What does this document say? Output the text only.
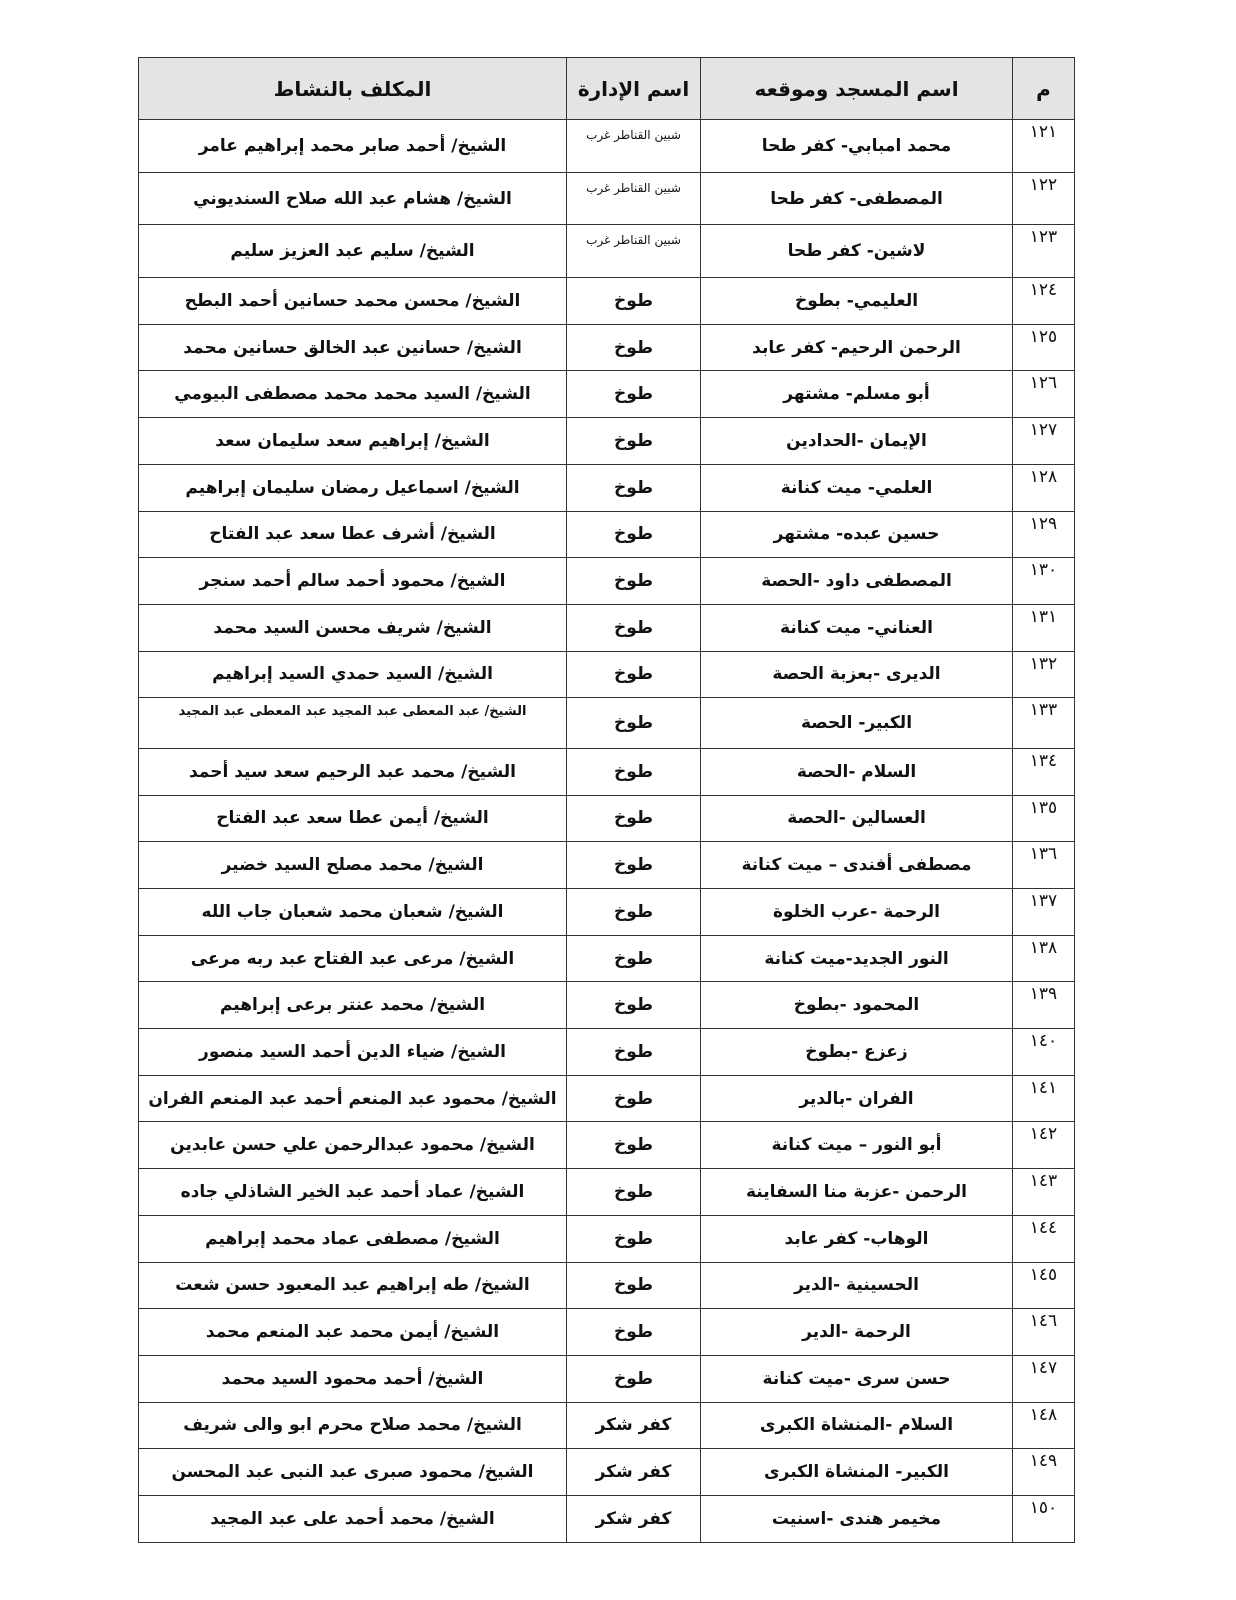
م	اسم المسجد وموقعه	اسم الإدارة	المكلف بالنشاط
١٢١	محمد امبابي- كفر طحا	شبين القناطر غرب	الشيخ/ أحمد صابر محمد إبراهيم عامر
١٢٢	المصطفى- كفر طحا	شبين القناطر غرب	الشيخ/ هشام عبد الله صلاح السنديوني
١٢٣	لاشين- كفر طحا	شبين القناطر غرب	الشيخ/ سليم عبد العزيز سليم
١٢٤	العليمي- بطوخ	طوخ	الشيخ/ محسن محمد حسانين أحمد البطح
١٢٥	الرحمن الرحيم- كفر عابد	طوخ	الشيخ/ حسانين عبد الخالق حسانين محمد
١٢٦	أبو مسلم- مشتهر	طوخ	الشيخ/ السيد محمد محمد مصطفى البيومي
١٢٧	الإيمان -الحدادين	طوخ	الشيخ/ إبراهيم سعد سليمان سعد
١٢٨	العلمي- ميت كنانة	طوخ	الشيخ/ اسماعيل رمضان سليمان إبراهيم
١٢٩	حسين عبده- مشتهر	طوخ	الشيخ/ أشرف عطا سعد عبد الفتاح
١٣٠	المصطفى داود -الحصة	طوخ	الشيخ/ محمود أحمد سالم أحمد سنجر
١٣١	العناني- ميت كنانة	طوخ	الشيخ/ شريف محسن السيد محمد
١٣٢	الديرى -بعزبة الحصة	طوخ	الشيخ/ السيد حمدي السيد إبراهيم
١٣٣	الكبير- الحصة	طوخ	الشيخ/ عبد المعطى عبد المجيد عبد المعطى عبد المجيد
١٣٤	السلام -الحصة	طوخ	الشيخ/ محمد عبد الرحيم سعد سيد أحمد
١٣٥	العسالين -الحصة	طوخ	الشيخ/ أيمن عطا سعد عبد الفتاح
١٣٦	مصطفى أفندى – ميت كنانة	طوخ	الشيخ/ محمد مصلح السيد خضير
١٣٧	الرحمة -عرب الخلوة	طوخ	الشيخ/ شعبان محمد شعبان جاب الله
١٣٨	النور الجديد-ميت كنانة	طوخ	الشيخ/ مرعى عبد الفتاح عبد ربه مرعى
١٣٩	المحمود -بطوخ	طوخ	الشيخ/ محمد عنتر برعى إبراهيم
١٤٠	زعزع -بطوخ	طوخ	الشيخ/ ضياء الدين أحمد السيد منصور
١٤١	الفران -بالدير	طوخ	الشيخ/ محمود عبد المنعم أحمد عبد المنعم الفران
١٤٢	أبو النور – ميت كنانة	طوخ	الشيخ/ محمود عبدالرحمن علي حسن عابدين
١٤٣	الرحمن -عزبة منا السفاينة	طوخ	الشيخ/ عماد أحمد عبد الخير الشاذلي جاده
١٤٤	الوهاب- كفر عابد	طوخ	الشيخ/ مصطفى عماد محمد إبراهيم
١٤٥	الحسينية -الدير	طوخ	الشيخ/ طه إبراهيم عبد المعبود حسن شعت
١٤٦	الرحمة -الدير	طوخ	الشيخ/ أيمن محمد عبد المنعم محمد
١٤٧	حسن سرى -ميت كنانة	طوخ	الشيخ/ أحمد محمود السيد محمد
١٤٨	السلام -المنشاة الكبرى	كفر شكر	الشيخ/ محمد صلاح محرم ابو والى شريف
١٤٩	الكبير- المنشاة الكبرى	كفر شكر	الشيخ/ محمود صبرى عبد النبى عبد المحسن
١٥٠	مخيمر هندى -اسنيت	كفر شكر	الشيخ/ محمد أحمد على عبد المجيد
